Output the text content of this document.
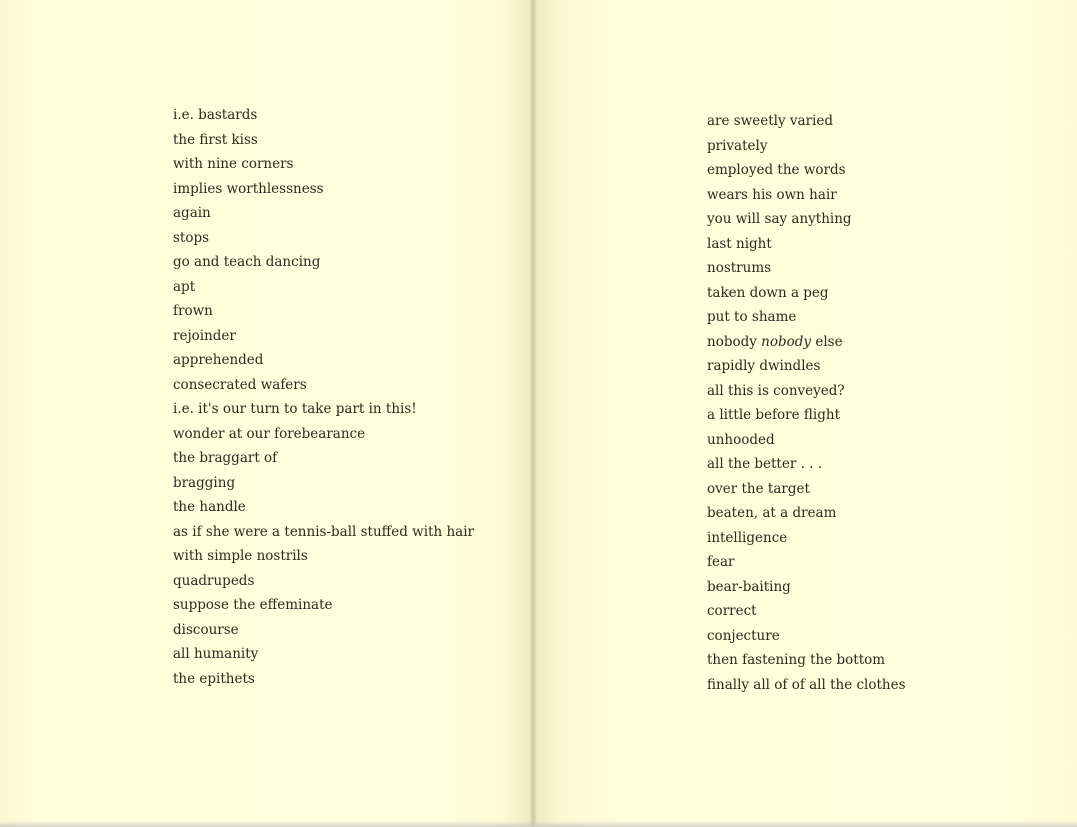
i.e. bastards
the first kiss
with nine corners
implies worthlessness
again
stops
go and teach dancing
apt
frown
rejoinder
apprehended
consecrated wafers
i.e. it's our turn to take part in this!
wonder at our forebearance
the braggart of
bragging
the handle
as if she were a tennis-ball stuffed with hair
with simple nostrils
quadrupeds
suppose the effeminate
discourse
all humanity
the epithets
are sweetly varied
privately
employed the words
wears his own hair
you will say anything
last night
nostrums
taken down a peg
put to shame
nobody nobody else
rapidly dwindles
all this is conveyed?
a little before flight
unhooded
all the better . . .
over the target
beaten, at a dream
intelligence
fear
bear-baiting
correct
conjecture
then fastening the bottom
finally all of of all the clothes
